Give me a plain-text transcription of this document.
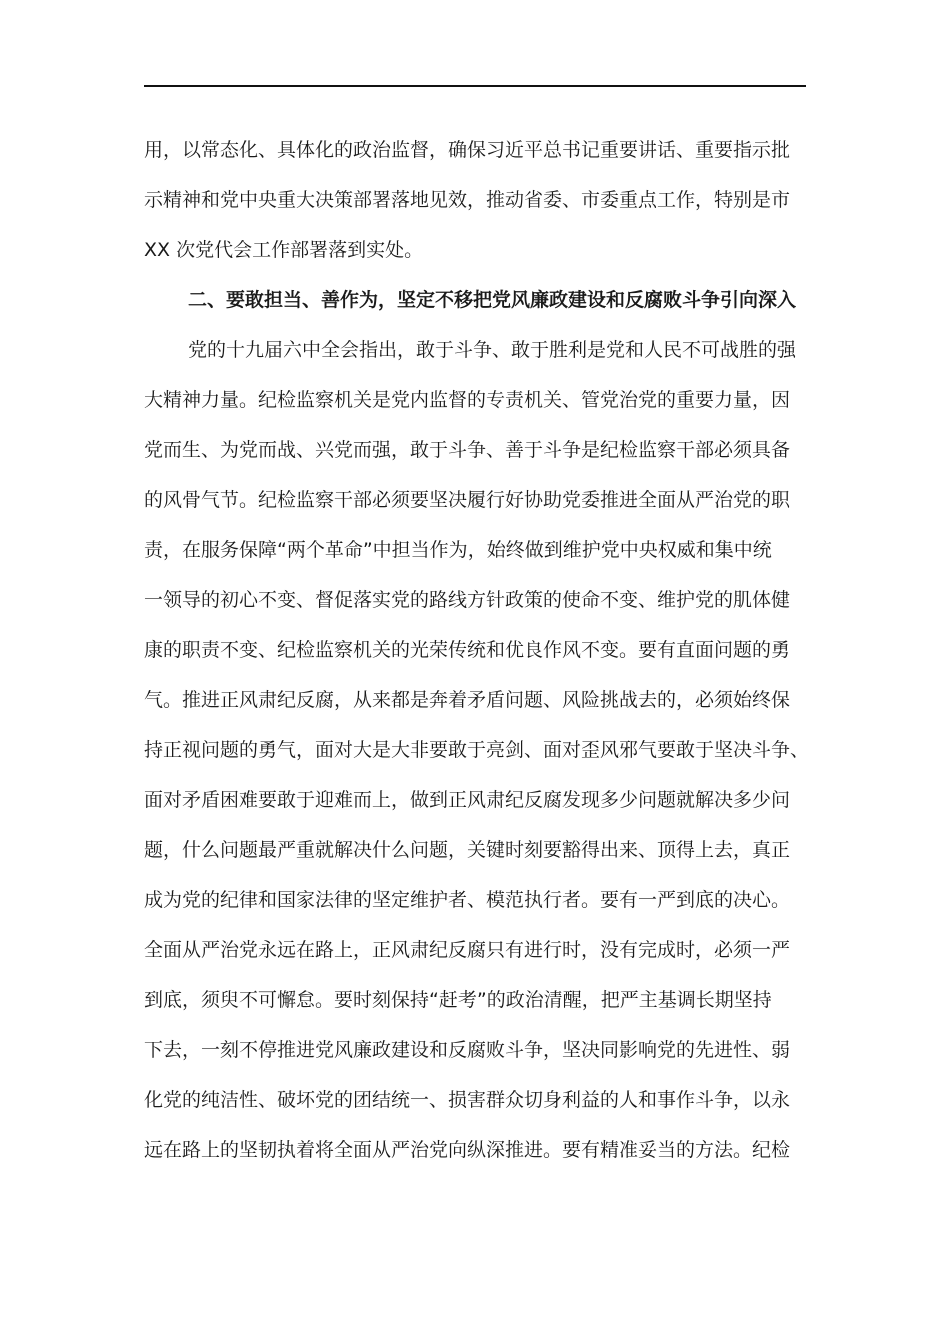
用，以常态化、具体化的政治监督，确保习近平总书记重要讲话、重要指示批
示精神和党中央重大决策部署落地见效，推动省委、市委重点工作，特别是市
XX 次党代会工作部署落到实处。
二、要敢担当、善作为，坚定不移把党风廉政建设和反腐败斗争引向深入
党的十九届六中全会指出，敢于斗争、敢于胜利是党和人民不可战胜的强
大精神力量。纪检监察机关是党内监督的专责机关、管党治党的重要力量，因
党而生、为党而战、兴党而强，敢于斗争、善于斗争是纪检监察干部必须具备
的风骨气节。纪检监察干部必须要坚决履行好协助党委推进全面从严治党的职
责，在服务保障“两个革命”中担当作为，始终做到维护党中央权威和集中统
一领导的初心不变、督促落实党的路线方针政策的使命不变、维护党的肌体健
康的职责不变、纪检监察机关的光荣传统和优良作风不变。要有直面问题的勇
气。推进正风肃纪反腐，从来都是奔着矛盾问题、风险挑战去的，必须始终保
持正视问题的勇气，面对大是大非要敢于亮剑、面对歪风邪气要敢于坚决斗争、
面对矛盾困难要敢于迎难而上，做到正风肃纪反腐发现多少问题就解决多少问
题，什么问题最严重就解决什么问题，关键时刻要豁得出来、顶得上去，真正
成为党的纪律和国家法律的坚定维护者、模范执行者。要有一严到底的决心。
全面从严治党永远在路上，正风肃纪反腐只有进行时，没有完成时，必须一严
到底，须臾不可懈怠。要时刻保持“赶考”的政治清醒，把严主基调长期坚持
下去，一刻不停推进党风廉政建设和反腐败斗争，坚决同影响党的先进性、弱
化党的纯洁性、破坏党的团结统一、损害群众切身利益的人和事作斗争，以永
远在路上的坚韧执着将全面从严治党向纵深推进。要有精准妥当的方法。纪检
